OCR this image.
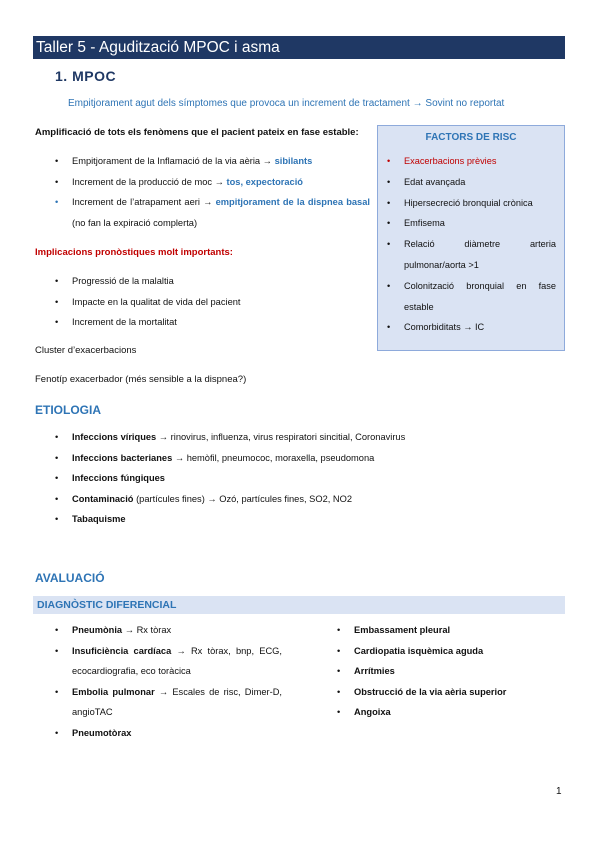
Taller 5 - Agudització MPOC i asma
1. MPOC
Empitjorament agut dels símptomes que provoca un increment de tractament → Sovint no reportat
Amplificació de tots els fenòmens que el pacient pateix en fase estable:
• Empitjorament de la Inflamació de la via aèria → sibilants
• Increment de la producció de moc → tos, expectoració
• Increment de l’atrapament aeri → empitjorament de la dispnea basal (no fan la expiració complerta)
Implicacions pronòstiques molt importants:
• Progressió de la malaltia
• Impacte en la qualitat de vida del pacient
• Increment de la mortalitat
Cluster d’exacerbacions
Fenotíp exacerbador (més sensible a la dispnea?)
FACTORS DE RISC
• Exacerbacions prèvies
• Edat avançada
• Hipersecreció bronquial crònica
• Emfisema
• Relació diàmetre arteria pulmonar/aorta >1
• Colonització bronquial en fase estable
• Comorbiditats → IC
ETIOLOGIA
• Infeccions víriques → rinovirus, influenza, virus respiratori sincitial, Coronavirus
• Infeccions bacterianes → hemòfil, pneumococ, moraxella, pseudomona
• Infeccions fúngiques
• Contaminació (partícules fines) → Ozó, partícules fines, SO2, NO2
• Tabaquisme
AVALUACIÓ
DIAGNÒSTIC DIFERENCIAL
• Pneumònia → Rx tòrax
• Insuficiència cardíaca → Rx tòrax, bnp, ECG, ecocardiografia, eco toràcica
• Embolia pulmonar → Escales de risc, Dimer-D, angioTAC
• Pneumotòrax
• Embassament pleural
• Cardiopatia isquèmica aguda
• Arrítmies
• Obstrucció de la via aèria superior
• Angoixa
1
